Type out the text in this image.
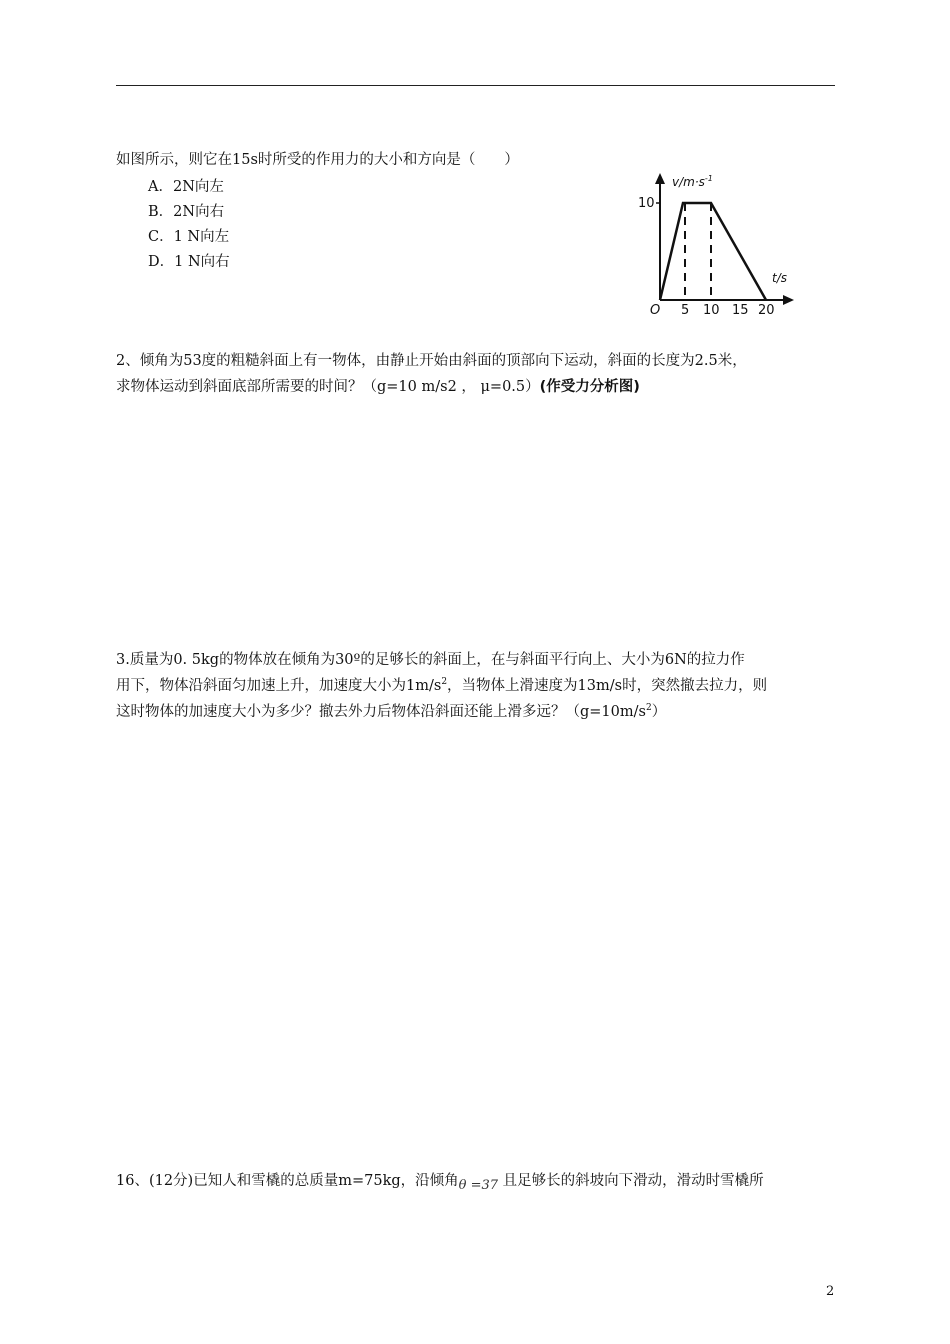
如图所示，则它在15s时所受的作用力的大小和方向是（　　）
A．2N向左
B．2N向右
C．1 N向左
D．1 N向右
$v/m\cdot s^{-1}$
t/s
10
O 5 10 15 20
2、倾角为53度的粗糙斜面上有一物体，由静止开始由斜面的顶部向下运动，斜面的长度为2.5米，
求物体运动到斜面底部所需要的时间？（g=10 m/s2 ， μ=0.5）(作受力分析图)
3.质量为0. 5kg的物体放在倾角为30º的足够长的斜面上，在与斜面平行向上、大小为6N的拉力作
用下，物体沿斜面匀加速上升，加速度大小为$1m/s^2$，当物体上滑速度为13m/s时，突然撤去拉力，则
这时物体的加速度大小为多少？撤去外力后物体沿斜面还能上滑多远？$(g=10m/s^2)$
16、(12分)已知人和雪橇的总质量m=75kg，沿倾角θ =37 且足够长的斜坡向下滑动，滑动时雪橇所
2
